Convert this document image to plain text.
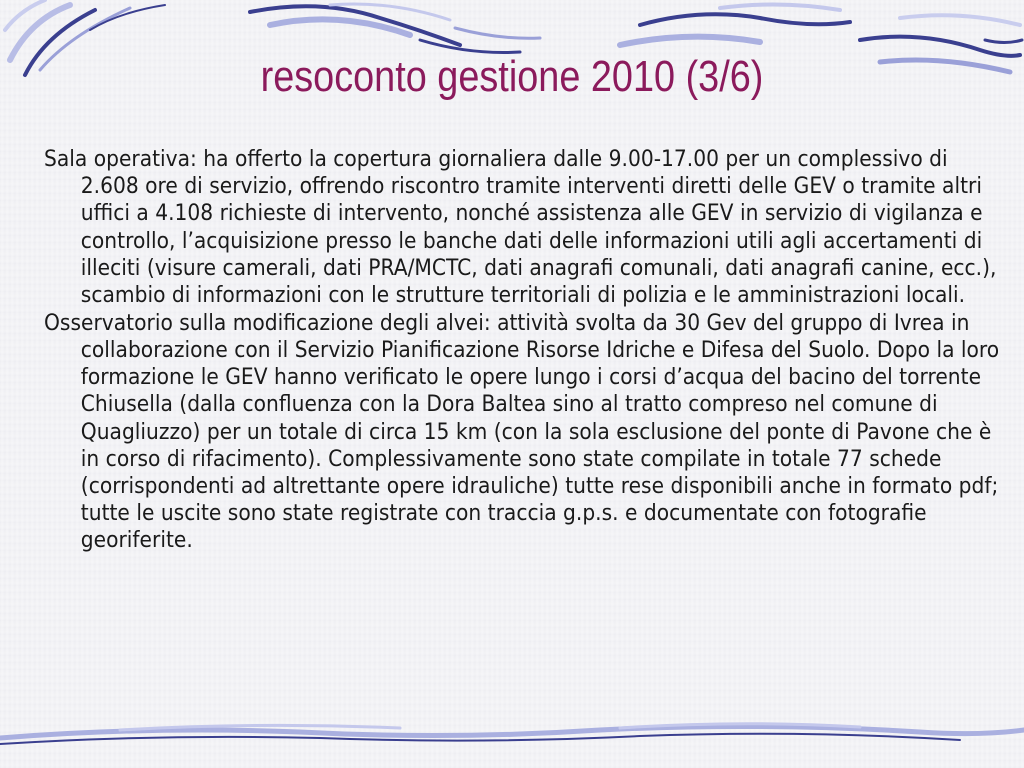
resoconto gestione 2010 (3/6)

Sala operativa: ha offerto la copertura giornaliera dalle 9.00-17.00 per un complessivo di 2.608 ore di servizio, offrendo riscontro tramite interventi diretti delle GEV o tramite altri uffici a 4.108 richieste di intervento, nonché assistenza alle GEV in servizio di vigilanza e controllo, l’acquisizione presso le banche dati delle informazioni utili agli accertamenti di illeciti (visure camerali, dati PRA/MCTC, dati anagrafi comunali, dati anagrafi canine, ecc.), scambio di informazioni con le strutture territoriali di polizia e le amministrazioni locali.

Osservatorio sulla modificazione degli alvei: attività svolta da 30 Gev del gruppo di Ivrea in collaborazione con il Servizio Pianificazione Risorse Idriche e Difesa del Suolo. Dopo la loro formazione le GEV hanno verificato le opere lungo i corsi d’acqua del bacino del torrente Chiusella (dalla confluenza con la Dora Baltea sino al tratto compreso nel comune di Quagliuzzo) per un totale di circa 15 km (con la sola esclusione del ponte di Pavone che è in corso di rifacimento). Complessivamente sono state compilate in totale 77 schede (corrispondenti ad altrettante opere idrauliche) tutte rese disponibili anche in formato pdf; tutte le uscite sono state registrate con traccia g.p.s. e documentate con fotografie georiferite.
